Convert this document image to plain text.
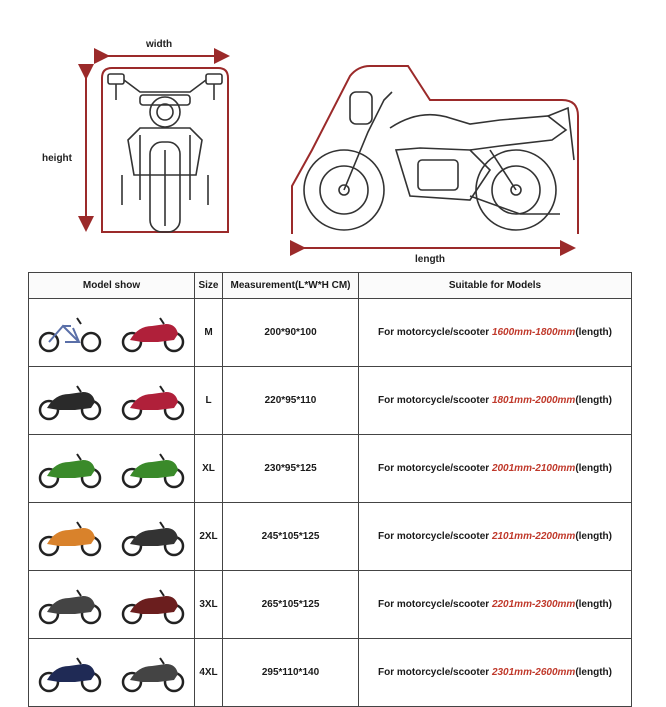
width
height
length
Model show	Size	Measurement(L*W*H CM)	Suitable for Models

	M	200*90*100	For motorcycle/scooter 1600mm-1800mm(length)

	L	220*95*110	For motorcycle/scooter 1801mm-2000mm(length)

	XL	230*95*125	For motorcycle/scooter 2001mm-2100mm(length)

	2XL	245*105*125	For motorcycle/scooter 2101mm-2200mm(length)

	3XL	265*105*125	For motorcycle/scooter 2201mm-2300mm(length)

	4XL	295*110*140	For motorcycle/scooter 2301mm-2600mm(length)
